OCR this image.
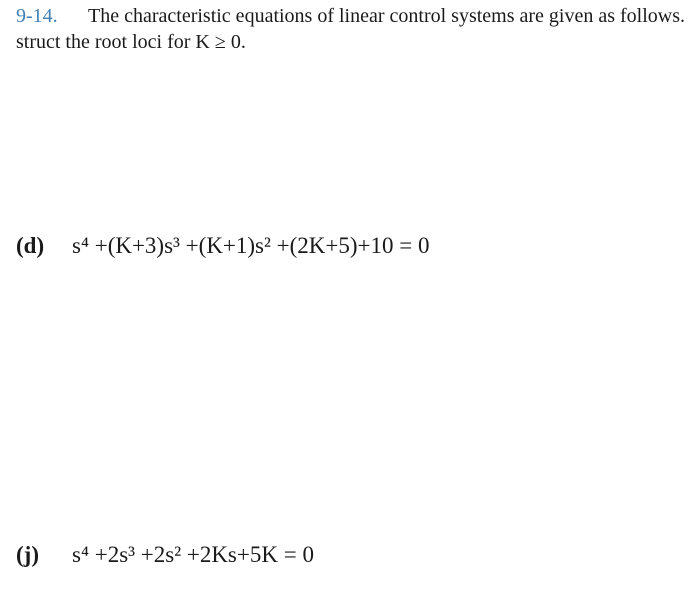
9-14. The characteristic equations of linear control systems are given as follows.
struct the root loci for K ≥ 0.
(d) s⁴ +(K+3)s³ +(K+1)s² +(2K+5)+10 = 0
(j) s⁴ +2s³ +2s² +2Ks+5K = 0
